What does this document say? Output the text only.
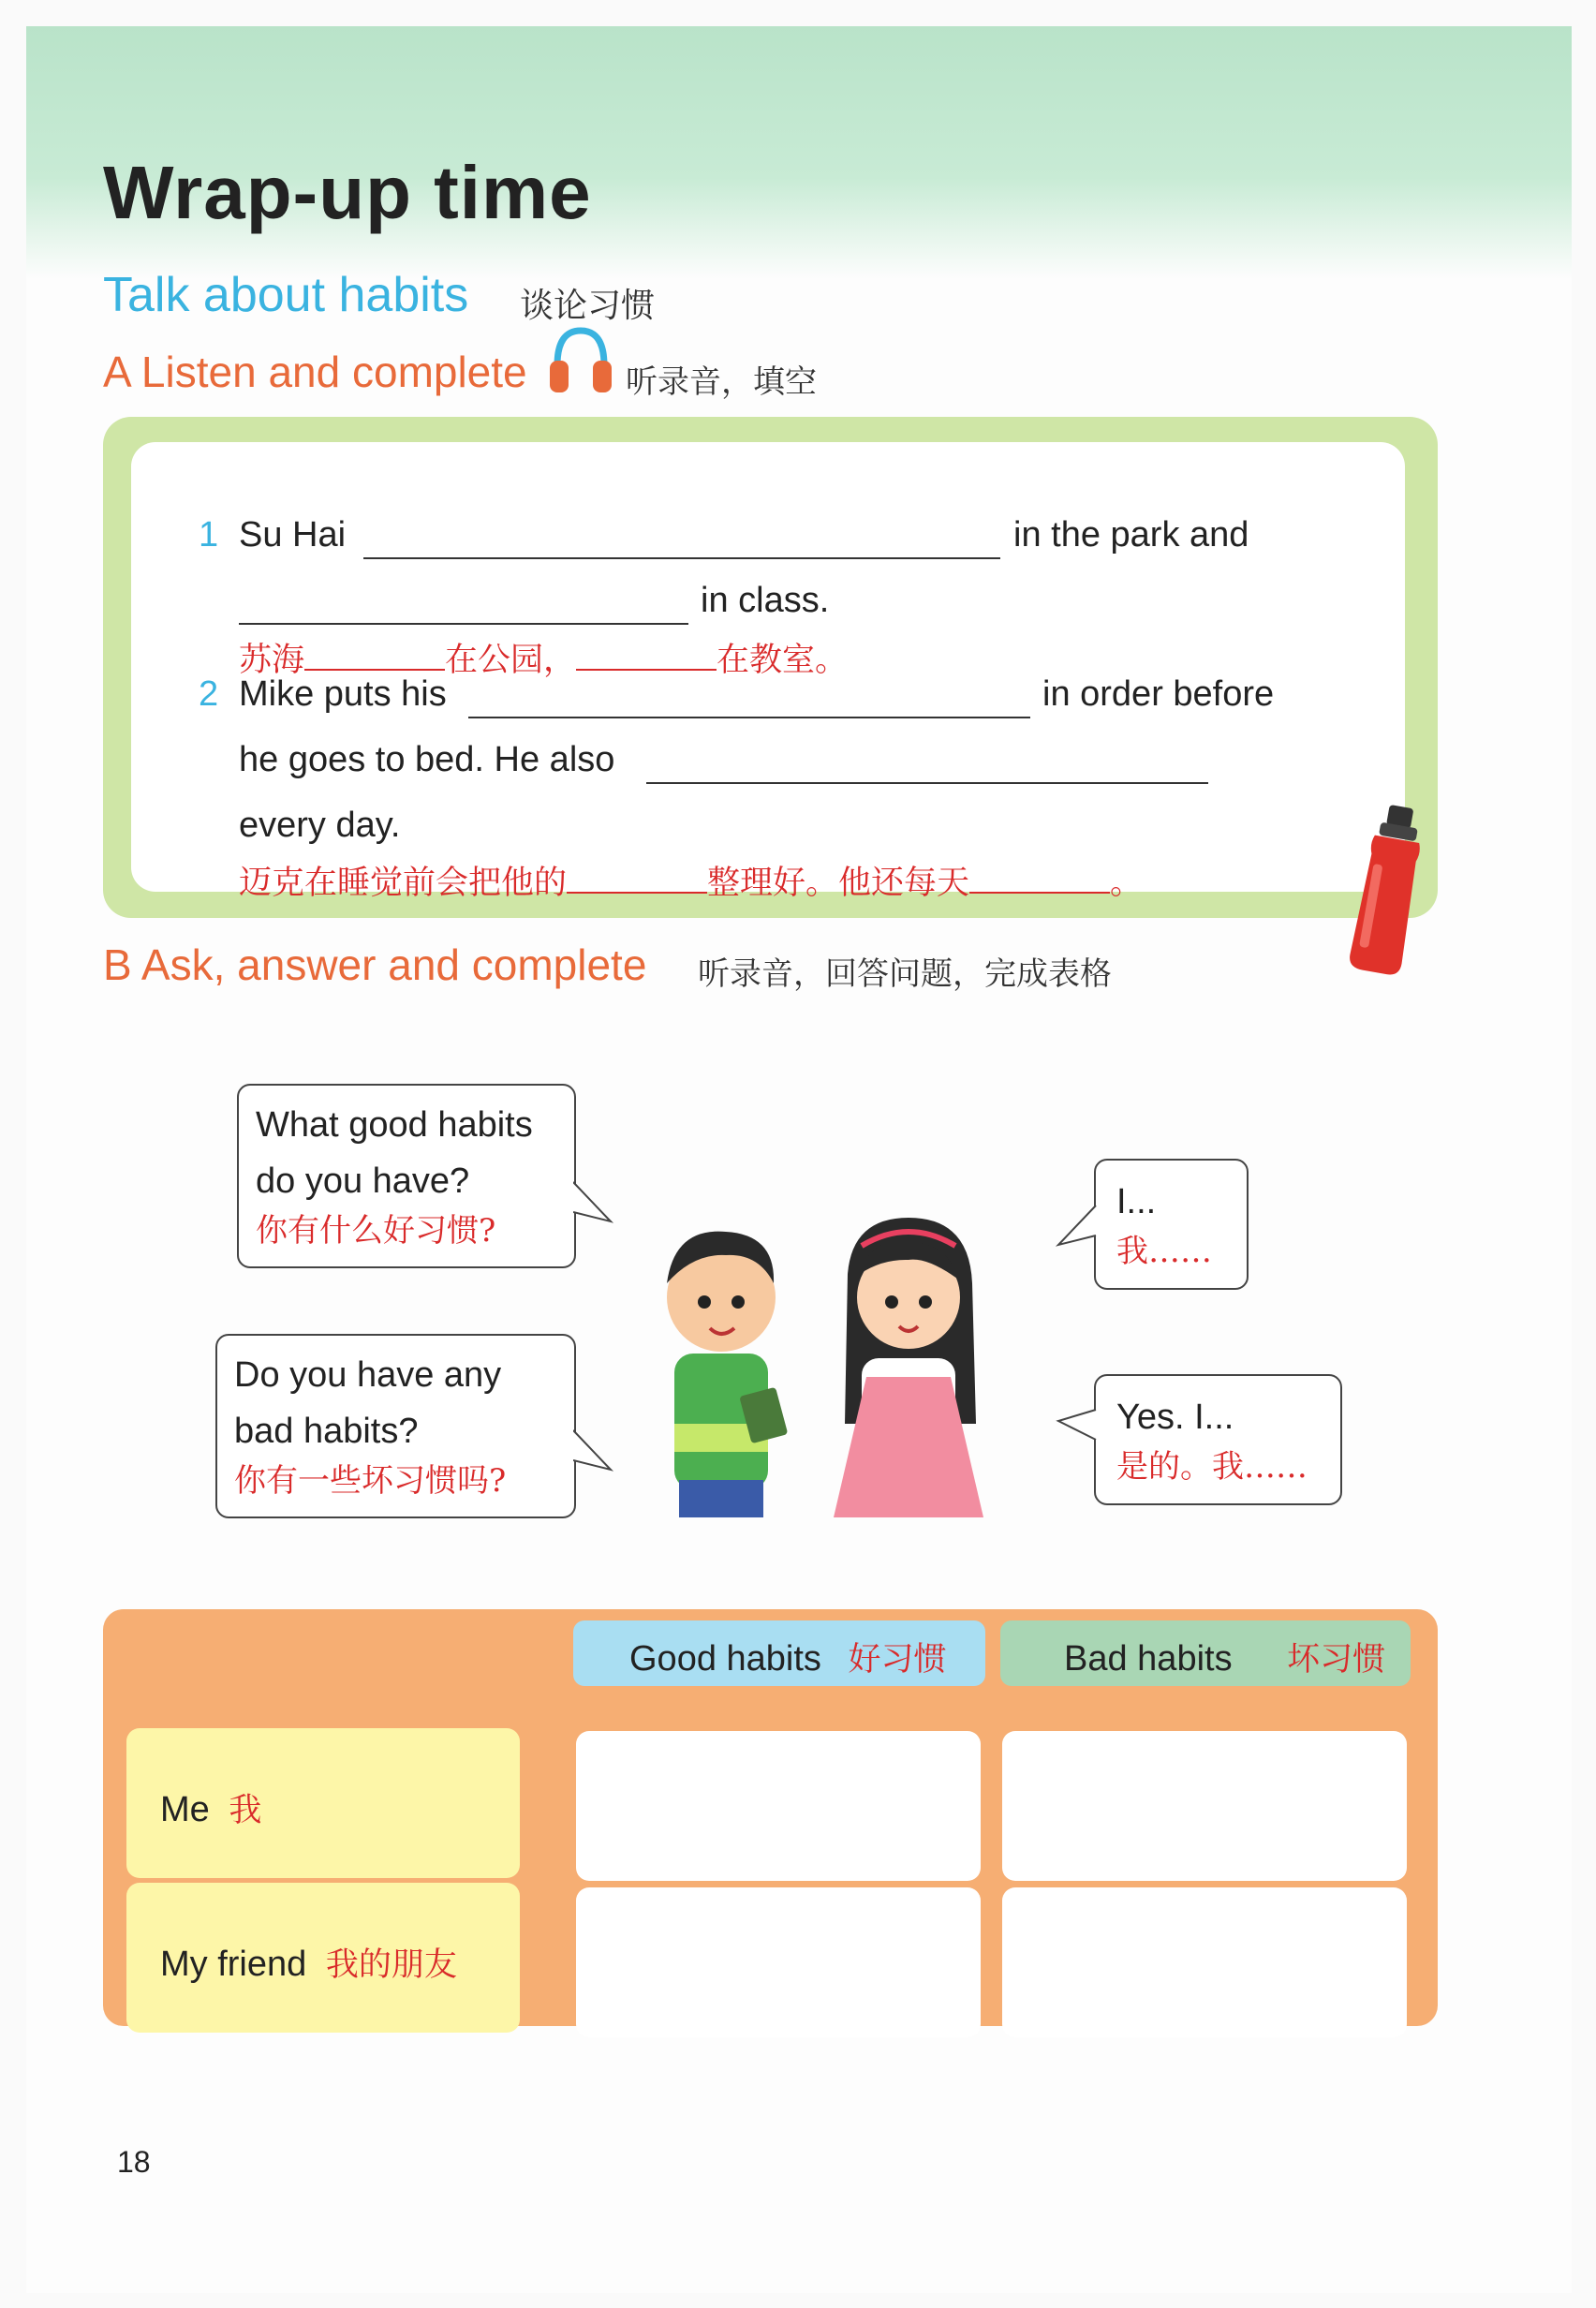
Wrap-up time
Talk about habits 谈论习惯
A Listen and complete	听录音，填空
1 Su Hai	in the park and
in class.
苏海	在公园，	在教室。
2 Mike puts his	in order before
he goes to bed. He also
every day.
迈克在睡觉前会把他的	整理好。他还每天	。
B Ask, answer and complete 听录音，回答问题，完成表格
What good habits
do you have?
你有什么好习惯?
Do you have any
bad habits?
你有一些坏习惯吗?
I...
我……
Yes. I...
是的。我……
Good habits 好习惯	Bad habits 坏习惯
Me 我
My friend 我的朋友
18
